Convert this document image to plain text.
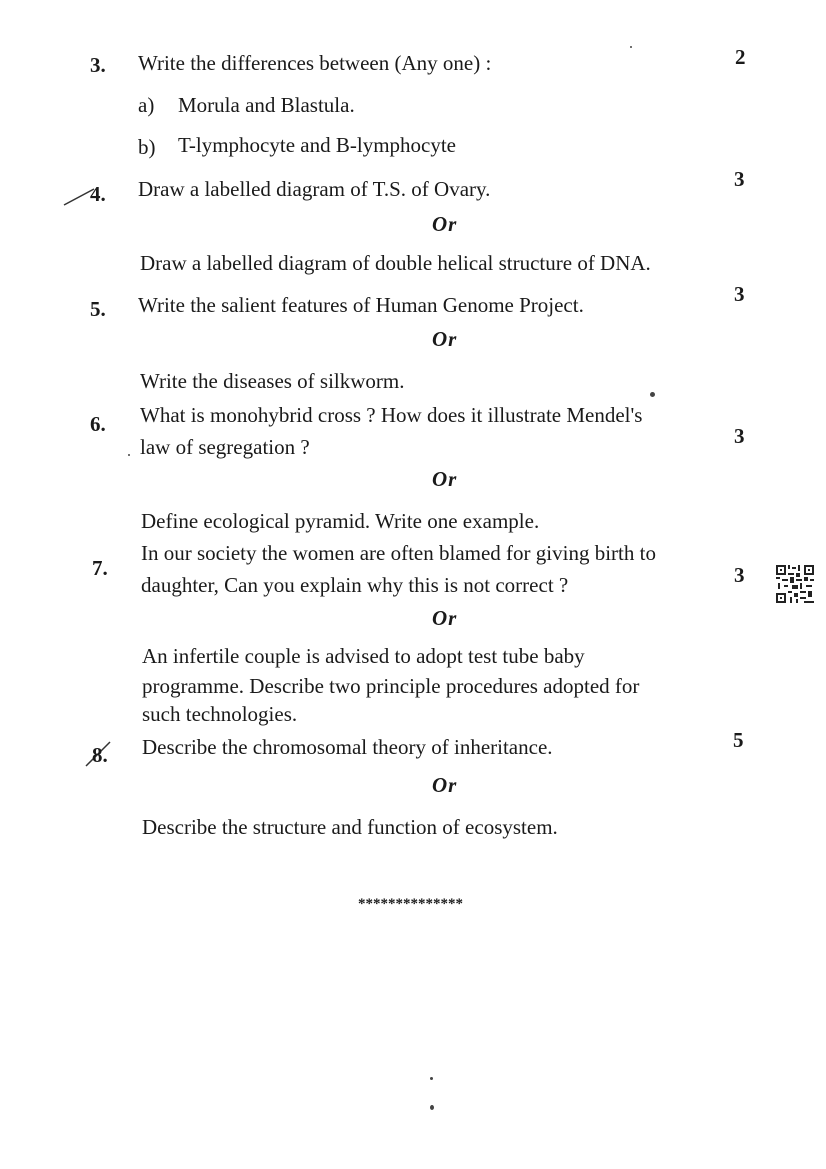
3. Write the differences between (Any one) :	2
a) Morula and Blastula.
b) T-lymphocyte and B-lymphocyte
4. Draw a labelled diagram of T.S. of Ovary.	3
Or
Draw a labelled diagram of double helical structure of DNA.
5. Write the salient features of Human Genome Project.	3
Or
Write the diseases of silkworm.
6. What is monohybrid cross ? How does it illustrate Mendel's
law of segregation ?	3
Or
Define ecological pyramid. Write one example.
7.
In our society the women are often blamed for giving birth to
daughter, Can you explain why this is not correct ?	3
Or
An infertile couple is advised to adopt test tube baby
programme. Describe two principle procedures adopted for
such technologies.
8. Describe the chromosomal theory of inheritance.	5
Or
Describe the structure and function of ecosystem.
**************
